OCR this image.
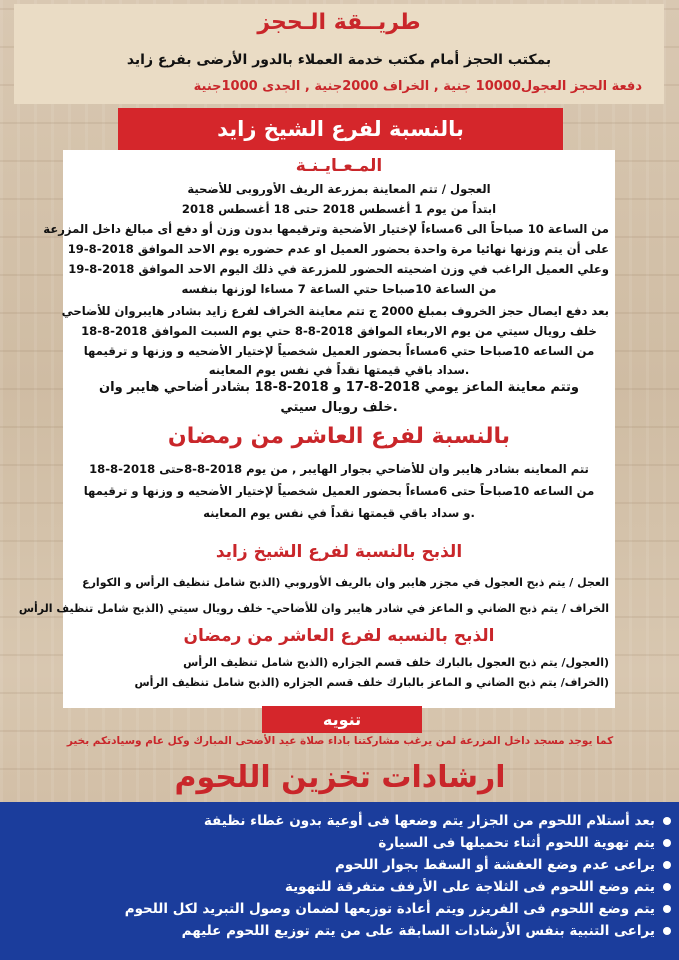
طريــقة الـحجز
بمكتب الحجز أمام مكتب خدمة العملاء بالدور الأرضى بفرع زايد
دفعة الحجز العجول10000 جنية , الخراف 2000جنية , الجدى 1000جنية
بالنسبة لفرع الشيخ زايد
المـعـايـنـة
العجول / تتم المعاينة بمزرعة الريف الأوروبى للأضحية
ابتداً من يوم 1 أغسطس 2018 حتى 18 أغسطس 2018
من الساعة 10 صباحاً الى 6مساءاً لإختيار الأضحية وترقيمها بدون وزن أو دفع أى مبالغ داخل المزرعة
على أن يتم وزنها نهائيا مرة واحدة بحضور العميل او عدم حضوره يوم الاحد الموافق 2018-8-19
وعلي العميل الراغب في وزن اضحيته الحضور للمزرعة في ذلك اليوم الاحد الموافق 2018-8-19
من الساعة 10صباحا حتي الساعة 7 مساءا لوزنها بنفسه
بعد دفع ايصال حجز الخروف بمبلغ 2000 ج تتم معاينة الخراف لفرع زايد بشادر هايبروان للأضاحي
خلف رويال سيتي من يوم الاربعاء الموافق 2018-8-8 حتي يوم السبت الموافق 2018-8-18
من الساعه 10صباحا حتي 6مساءاً بحضور العميل شخصياً لإختيار الأضحيه و وزنها و ترقيمها
.سداد باقي قيمتها نقداً في نفس يوم المعاينه
وتتم معاينة الماعز يومي 2018-8-17 و 2018-8-18 بشادر أضاحي هايبر وان
.خلف رويال سيتي
بالنسبة لفرع العاشر من رمضان
تتم المعاينه بشادر هايبر وان للأضاحي بجوار الهايبر , من يوم 2018-8-8حتى 2018-8-18
من الساعه 10صباحاً حتى 6مساءاً بحضور العميل شخصياً لإختيار الأضحيه و وزنها و ترقيمها
.و سداد باقي قيمتها نقداً في نفس يوم المعاينه
الذبح بالنسبة لفرع الشيخ زايد
العجل / يتم ذبح العجول في مجزر هايبر وان بالريف الأوروبي (الذبح شامل تنظيف الرأس و الكوارع
الخراف / يتم ذبح الضاني و الماعز في شادر هايبر وان للأضاحي- خلف رويال سيتي (الذبح شامل تنظيف الرأس
الذبح بالنسبه لفرع العاشر من رمضان
(العجول/ يتم ذبح العجول بالبارك خلف قسم الجزاره (الذبح شامل تنظيف الرأس
(الخراف/ يتم ذبح الضاني و الماعز بالبارك خلف قسم الجزاره (الذبح شامل تنظيف الرأس
تنويه
كما يوجد مسجد داخل المزرعة لمن يرغب مشاركتنا باداء صلاة عيد الأضحى المبارك وكل عام وسيادتكم بخير
ارشادات تخزين اللحوم
بعد أستلام اللحوم من الجزار يتم وضعها فى أوعية بدون غطاء نظيفة
يتم تهوية اللحوم أثناء تحميلها فى السيارة
يراعى عدم وضع العفشة أو السقط بجوار اللحوم
يتم وضع اللحوم فى الثلاجة على الأرفف متفرقة للتهوية
يتم وضع اللحوم فى الفريزر ويتم أعادة توزيعها لضمان وصول التبريد لكل اللحوم
يراعى التنبية بنفس الأرشادات السابقة على من يتم توزيع اللحوم عليهم
